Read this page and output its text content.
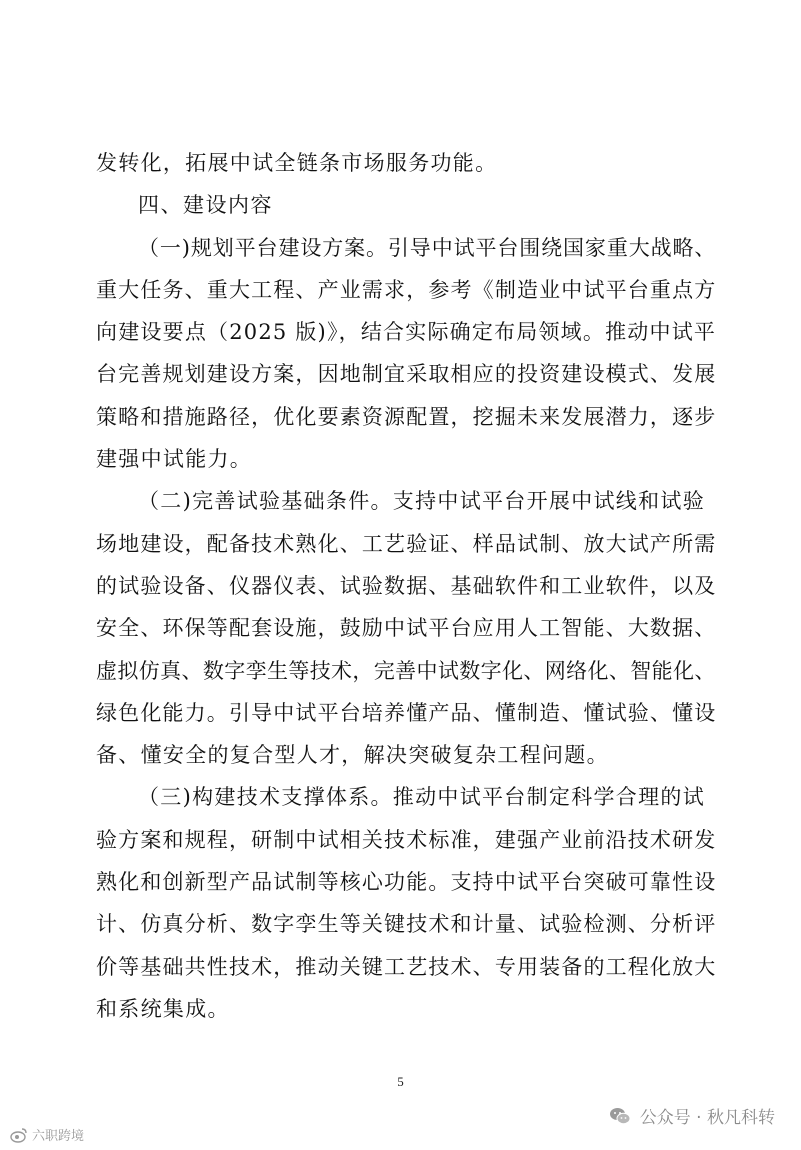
发转化，拓展中试全链条市场服务功能。
四、建设内容
（一)规划平台建设方案。引导中试平台围绕国家重大战略、
重大任务、重大工程、产业需求，参考《制造业中试平台重点方
向建设要点（2025 版)》，结合实际确定布局领域。推动中试平
台完善规划建设方案，因地制宜采取相应的投资建设模式、发展
策略和措施路径，优化要素资源配置，挖掘未来发展潜力，逐步
建强中试能力。
（二)完善试验基础条件。支持中试平台开展中试线和试验
场地建设，配备技术熟化、工艺验证、样品试制、放大试产所需
的试验设备、仪器仪表、试验数据、基础软件和工业软件，以及
安全、环保等配套设施，鼓励中试平台应用人工智能、大数据、
虚拟仿真、数字孪生等技术，完善中试数字化、网络化、智能化、
绿色化能力。引导中试平台培养懂产品、懂制造、懂试验、懂设
备、懂安全的复合型人才，解决突破复杂工程问题。
（三)构建技术支撑体系。推动中试平台制定科学合理的试
验方案和规程，研制中试相关技术标准，建强产业前沿技术研发
熟化和创新型产品试制等核心功能。支持中试平台突破可靠性设
计、仿真分析、数字孪生等关键技术和计量、试验检测、分析评
价等基础共性技术，推动关键工艺技术、专用装备的工程化放大
和系统集成。
5
六职跨境
公众号 · 秋凡科转
